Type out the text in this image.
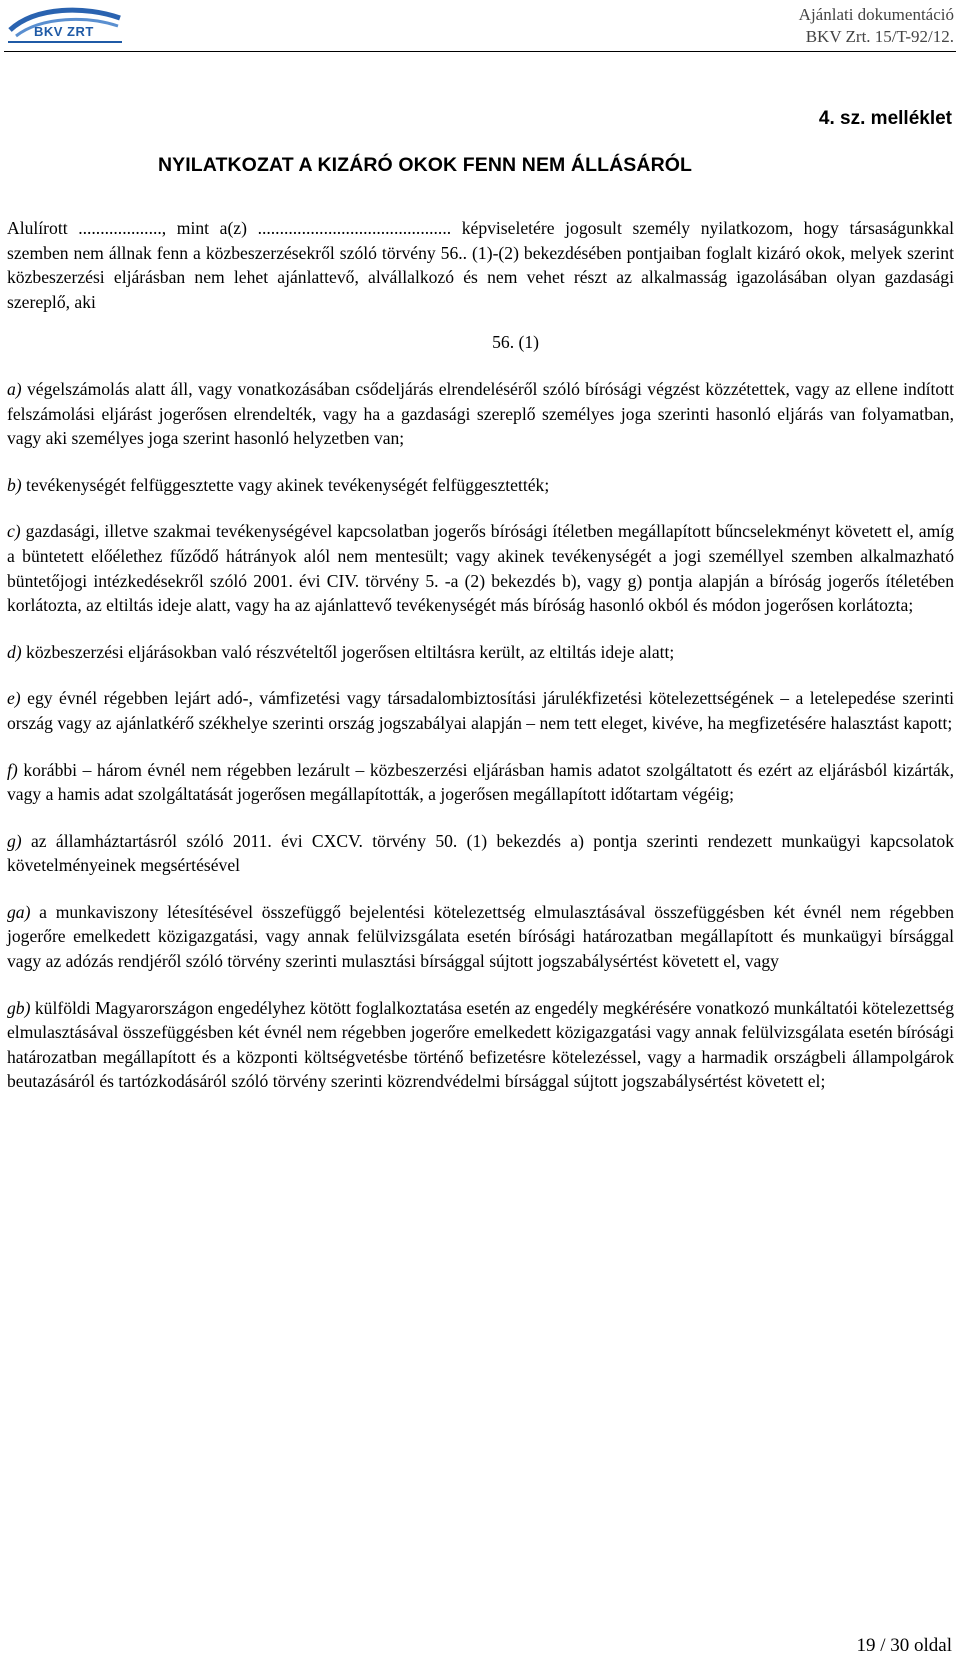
BKV ZRT
Ajánlati dokumentáció
BKV Zrt. 15/T-92/12.
4. sz. melléklet
NYILATKOZAT A KIZÁRÓ OKOK FENN NEM ÁLLÁSÁRÓL

Alulírott ..................., mint a(z) ............................................ képviseletére jogosult személy nyilatkozom, hogy társaságunkkal szemben nem állnak fenn a közbeszerzésekről szóló törvény 56.. (1)-(2) bekezdésében pontjaiban foglalt kizáró okok, melyek szerint közbeszerzési eljárásban nem lehet ajánlattevő, alvállalkozó és nem vehet részt az alkalmasság igazolásában olyan gazdasági szereplő, aki

56. (1)

a) végelszámolás alatt áll, vagy vonatkozásában csődeljárás elrendeléséről szóló bírósági végzést közzétettek, vagy az ellene indított felszámolási eljárást jogerősen elrendelték, vagy ha a gazdasági szereplő személyes joga szerinti hasonló eljárás van folyamatban, vagy aki személyes joga szerint hasonló helyzetben van;

b) tevékenységét felfüggesztette vagy akinek tevékenységét felfüggesztették;

c) gazdasági, illetve szakmai tevékenységével kapcsolatban jogerős bírósági ítéletben megállapított bűncselekményt követett el, amíg a büntetett előélethez fűződő hátrányok alól nem mentesült; vagy akinek tevékenységét a jogi személlyel szemben alkalmazható büntetőjogi intézkedésekről szóló 2001. évi CIV. törvény 5. -a (2) bekezdés b), vagy g) pontja alapján a bíróság jogerős ítéletében korlátozta, az eltiltás ideje alatt, vagy ha az ajánlattevő tevékenységét más bíróság hasonló okból és módon jogerősen korlátozta;

d) közbeszerzési eljárásokban való részvételtől jogerősen eltiltásra került, az eltiltás ideje alatt;

e) egy évnél régebben lejárt adó-, vámfizetési vagy társadalombiztosítási járulékfizetési kötelezettségének – a letelepedése szerinti ország vagy az ajánlatkérő székhelye szerinti ország jogszabályai alapján – nem tett eleget, kivéve, ha megfizetésére halasztást kapott;

f) korábbi – három évnél nem régebben lezárult – közbeszerzési eljárásban hamis adatot szolgáltatott és ezért az eljárásból kizárták, vagy a hamis adat szolgáltatását jogerősen megállapították, a jogerősen megállapított időtartam végéig;

g) az államháztartásról szóló 2011. évi CXCV. törvény 50. (1) bekezdés a) pontja szerinti rendezett munkaügyi kapcsolatok követelményeinek megsértésével

ga) a munkaviszony létesítésével összefüggő bejelentési kötelezettség elmulasztásával összefüggésben két évnél nem régebben jogerőre emelkedett közigazgatási, vagy annak felülvizsgálata esetén bírósági határozatban megállapított és munkaügyi bírsággal vagy az adózás rendjéről szóló törvény szerinti mulasztási bírsággal sújtott jogszabálysértést követett el, vagy

gb) külföldi Magyarországon engedélyhez kötött foglalkoztatása esetén az engedély megkérésére vonatkozó munkáltatói kötelezettség elmulasztásával összefüggésben két évnél nem régebben jogerőre emelkedett közigazgatási vagy annak felülvizsgálata esetén bírósági határozatban megállapított és a központi költségvetésbe történő befizetésre kötelezéssel, vagy a harmadik országbeli állampolgárok beutazásáról és tartózkodásáról szóló törvény szerinti közrendvédelmi bírsággal sújtott jogszabálysértést követett el;

19 / 30 oldal
